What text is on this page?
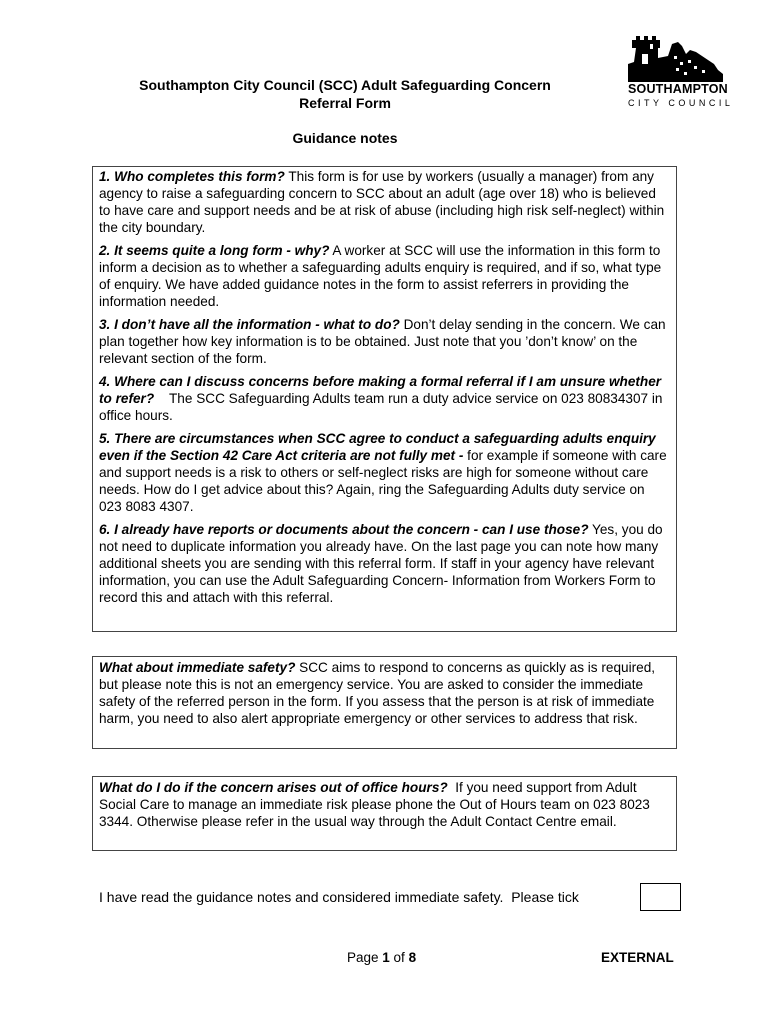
SOUTHAMPTON
CITY COUNCIL
Southampton City Council (SCC) Adult Safeguarding Concern
Referral Form
Guidance notes

1. Who completes this form? This form is for use by workers (usually a manager) from any agency to raise a safeguarding concern to SCC about an adult (age over 18) who is believed to have care and support needs and be at risk of abuse (including high risk self-neglect) within the city boundary.

2. It seems quite a long form - why? A worker at SCC will use the information in this form to inform a decision as to whether a safeguarding adults enquiry is required, and if so, what type of enquiry. We have added guidance notes in the form to assist referrers in providing the information needed.

3. I don’t have all the information - what to do? Don’t delay sending in the concern. We can plan together how key information is to be obtained. Just note that you ’don’t know’ on the relevant section of the form.

4. Where can I discuss concerns before making a formal referral if I am unsure whether to refer?    The SCC Safeguarding Adults team run a duty advice service on 023 80834307 in office hours.

5. There are circumstances when SCC agree to conduct a safeguarding adults enquiry even if the Section 42 Care Act criteria are not fully met - for example if someone with care and support needs is a risk to others or self-neglect risks are high for someone without care needs. How do I get advice about this? Again, ring the Safeguarding Adults duty service on 023 8083 4307.

6. I already have reports or documents about the concern - can I use those? Yes, you do not need to duplicate information you already have. On the last page you can note how many additional sheets you are sending with this referral form. If staff in your agency have relevant information, you can use the Adult Safeguarding Concern- Information from Workers Form to record this and attach with this referral.

What about immediate safety? SCC aims to respond to concerns as quickly as is required, but please note this is not an emergency service. You are asked to consider the immediate safety of the referred person in the form. If you assess that the person is at risk of immediate harm, you need to also alert appropriate emergency or other services to address that risk.

What do I do if the concern arises out of office hours?  If you need support from Adult Social Care to manage an immediate risk please phone the Out of Hours team on 023 8023 3344. Otherwise please refer in the usual way through the Adult Contact Centre email.

I have read the guidance notes and considered immediate safety.  Please tick
Page 1 of 8	EXTERNAL
